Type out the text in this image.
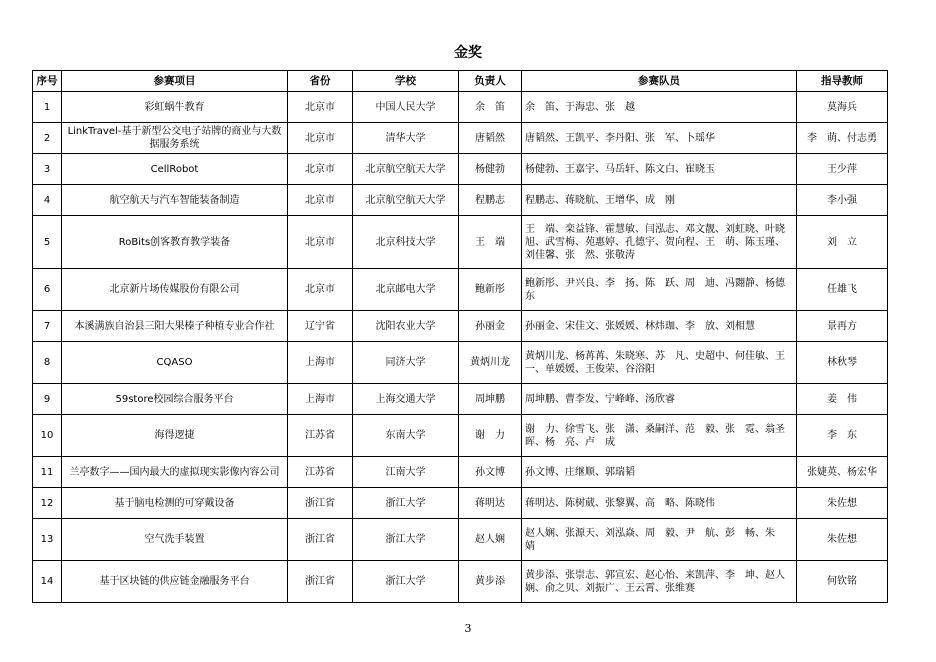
金奖
序号	参赛项目	省份	学校	负责人	参赛队员	指导教师
1	彩虹蜗牛教育	北京市	中国人民大学	余　笛	余　笛、于海忠、张　越	莫海兵
2	LinkTravel-基于新型公交电子站牌的商业与大数据服务系统	北京市	清华大学	唐韬然	唐韬然、王凯平、李丹阳、张　军、卜瑶华	李　萌、付志勇
3	CellRobot	北京市	北京航空航天大学	杨健勃	杨健勃、王嘉宇、马岳轩、陈文白、崔晓玉	王少萍
4	航空航天与汽车智能装备制造	北京市	北京航空航天大学	程鹏志	程鹏志、蒋晓航、王增华、成　刚	李小强
5	RoBits创客教育教学装备	北京市	北京科技大学	王　端	王　端、栾益锋、霍慧敏、闫泓志、邓文靓、刘虹晓、叶晓旭、武雪梅、苑惠婷、孔德宇、贺向程、王　萌、陈玉瑾、刘佳馨、张　然、张敬涛	刘　立
6	北京新片场传媒股份有限公司	北京市	北京邮电大学	鲍新彤	鲍新彤、尹兴良、李　扬、陈　跃、周　迪、冯翾静、杨德东	任雄飞
7	本溪满族自治县三阳大果榛子种植专业合作社	辽宁省	沈阳农业大学	孙丽金	孙丽金、宋佳文、张媛媛、林炜珈、李　放、刘相慧	景再方
8	CQASO	上海市	同济大学	黄炳川龙	黄炳川龙、杨苒苒、朱晓寒、苏　凡、史超中、何佳敏、王一、单媛媛、王俊荣、谷浴阳	林秋琴
9	59store校园综合服务平台	上海市	上海交通大学	周坤鹏	周坤鹏、曹李发、宁峰峰、汤欣睿	姜　伟
10	海得逻捷	江苏省	东南大学	谢　力	谢　力、徐雪飞、张　潇、桑嗣洋、范　毅、张　霓、翁圣晖、杨　亮、卢　成	李　东
11	兰亭数字——国内最大的虚拟现实影像内容公司	江苏省	江南大学	孙文博	孙文博、庄继顺、郭瑞韬	张婕英、杨宏华
12	基于脑电检测的可穿戴设备	浙江省	浙江大学	蒋明达	蒋明达、陈树葳、张黎翼、高　略、陈晓伟	朱佐想
13	空气洗手装置	浙江省	浙江大学	赵人娴	赵人娴、张源天、刘泓焱、周　毅、尹　航、彭　畅、朱　婧	朱佐想
14	基于区块链的供应链金融服务平台	浙江省	浙江大学	黄步添	黄步添、张崇志、郭宣宏、赵心怡、来凯萍、李　坤、赵人娴、俞之贝、刘振广、王云霄、张维赛	何钦铭
3
